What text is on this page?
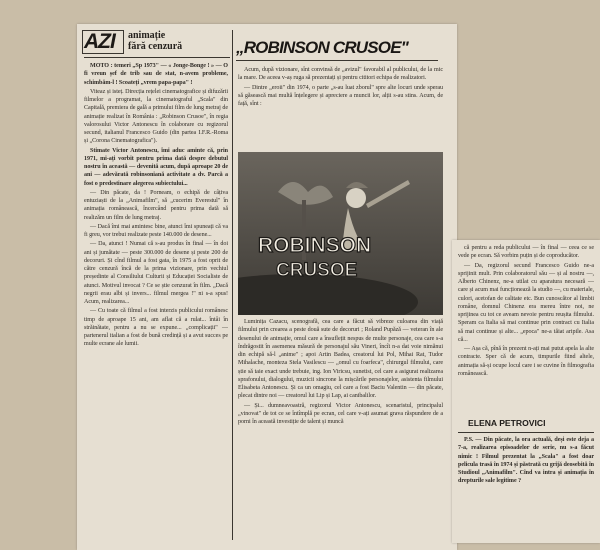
AZI animație
fără cenzură	„ROBINSON CRUSOE"

MOTO : temeri „Sp 1973" — « Jonge-Bonge ! » — O fi vreun șef de trib sau de stat, n-avem probleme, schimbăm-l ! Scoateți „vrem papa-papa" !

Viteaz și isteț. Direcția rețelei cinematografice și difuzării filmelor a programat, la cinematograful „Scala" din Capitală, premiera de gală a primului film de lung metraj de animație realizat în România : „Robinson Crusoe", în regia valorosului Victor Antonescu în colaborare cu regizorul secund, italianul Francesco Guido (din partea I.F.R.-Roma și „Corona Cinematografica").

Stimate Victor Antonescu, îmi aduc aminte că, prin 1971, mi-ați vorbit pentru prima dată despre debutul nostru în această — devenită acum, după aproape 20 de ani — adevărată robinsoniană activitate a dv. Parcă a fost o predestinare alegerea subiectului...

— Din păcate, da ! Porneam, o echipă de câțiva entuziaști de la „Animafilm", să „cucerim Everestul" în animația românească, încercând pentru prima dată să realizăm un film de lung metraj.

— Dacă îmi mai amintesc bine, atunci îmi spuneați că va fi greu, vor trebui realizate peste 140.000 de desene...

— Da, atunci ! Numai că s-au produs în final — în doi ani și jumătate — peste 300.000 de desene și peste 200 de decoruri. Și cînd filmul a fost gata, în 1975 a fost oprit de către cenzură încă de la prima vizionare, prin vechiul președinte al Consiliului Culturii și Educației Socialiste de atunci. Motivul invocat ? Ce se știe cenzurat în film. „Dacă negrii erau albi și invers... filmul mergea !" ni s-a spus! Acum, realizarea...

— Cu toate că filmul a fost interzis publicului românesc timp de aproape 15 ani, am aflat că a rulat... întâi în străinătate, pentru a nu se expune... „complicații" — partenerul italian a fost de bună credință și a avut succes pe multe ecrane ale lumii.

Acum, după vizionare, sînt convinsă de „avizul" favorabil al publicului, de la mic la mare. De aceea v-aș ruga să prezentați și pentru cititori echipa de realizatori.

— Dintre „eroii" din 1974, o parte „s-au luat zborul" spre alte locuri unde sperau să găsească mai multă înțelegere și apreciere a muncii lor, alții s-au stins. Acum, de față, sînt :

ROBINSON
CRUSOE

Luminița Cazacu, scenografă, cea care a făcut să vibreze culoarea din viață filmului prin crearea a peste două sute de decoruri ; Roland Pupăză — veteran în ale desenului de animație, omul care a însuflețit nespus de multe personaje, cea care s-a îndrăgostit în asemenea măsură de personajul său Vineri, încît n-a dat voie nimănui din echipă să-l „anime" ; apoi Artin Badea, creatorul lui Pol, Mihai Rat, Tudor Mihalache, monteza Stela Vasilescu — „omul cu foarfeca", chirurgul filmului, care știe să taie exact unde trebuie, ing. Ion Viricsu, sunetist, cel care a asigurat realizarea sprafonului, dialogului, muzicii sincrone la mișcările personajelor, asistenta filmului Elisabeta Antonescu. Și ca un omagiu, cel care a fost Baciu Valentin — din păcate, plecat dintre noi — creatorul lui Lip și Lap, ai canibalilor.

— Și... dumneavoastră, regizorul Victor Antonescu, scenaristul, principalul „vinovat" de tot ce se întîmplă pe ecran, cel care v-ați asumat grava răspundere de a porni în această investiție de talent și muncă

că pentru a reda publicului — în final — ceea ce se vede pe ecran. Să vorbim puțin și de coproducător.

— Da, regizorul secund Francesco Guido ne-a sprijinit mult. Prin colaboratorul său — și al nostru —, Alberto Chinenz, ne-a utilat cu aparatura necesară — care și acum mai funcționează la studio —, cu materiale, culori, acetofan de calitate etc. Bun cunoscător al limbii române, domnul Chinenz era mereu între noi, ne sprijinea cu tot ce aveam nevoie pentru reușita filmului. Speram ca Italia să mai continue prin contract cu Italia să mai continue și alte... „epoca" ne-a tăiat aripile. Asa că...

— Așa că, pînă în prezent n-ați mai putut apela la alte contracte. Sper că de acum, timpurile fiind altele, animația să-și ocupe locul care i se cuvine în filmografia românească.

ELENA PETROVICI

P.S. — Din păcate, la ora actuală, deși este deja a 7-a, realizarea episoadelor de serie, nu s-a făcut nimic ! Filmul prezentat la „Scala" a fost doar pelicula trasă în 1974 și păstrată cu grijă deosebită în Studioul „Animafilm". Cînd va intra și animația în drepturile sale legitime ?
